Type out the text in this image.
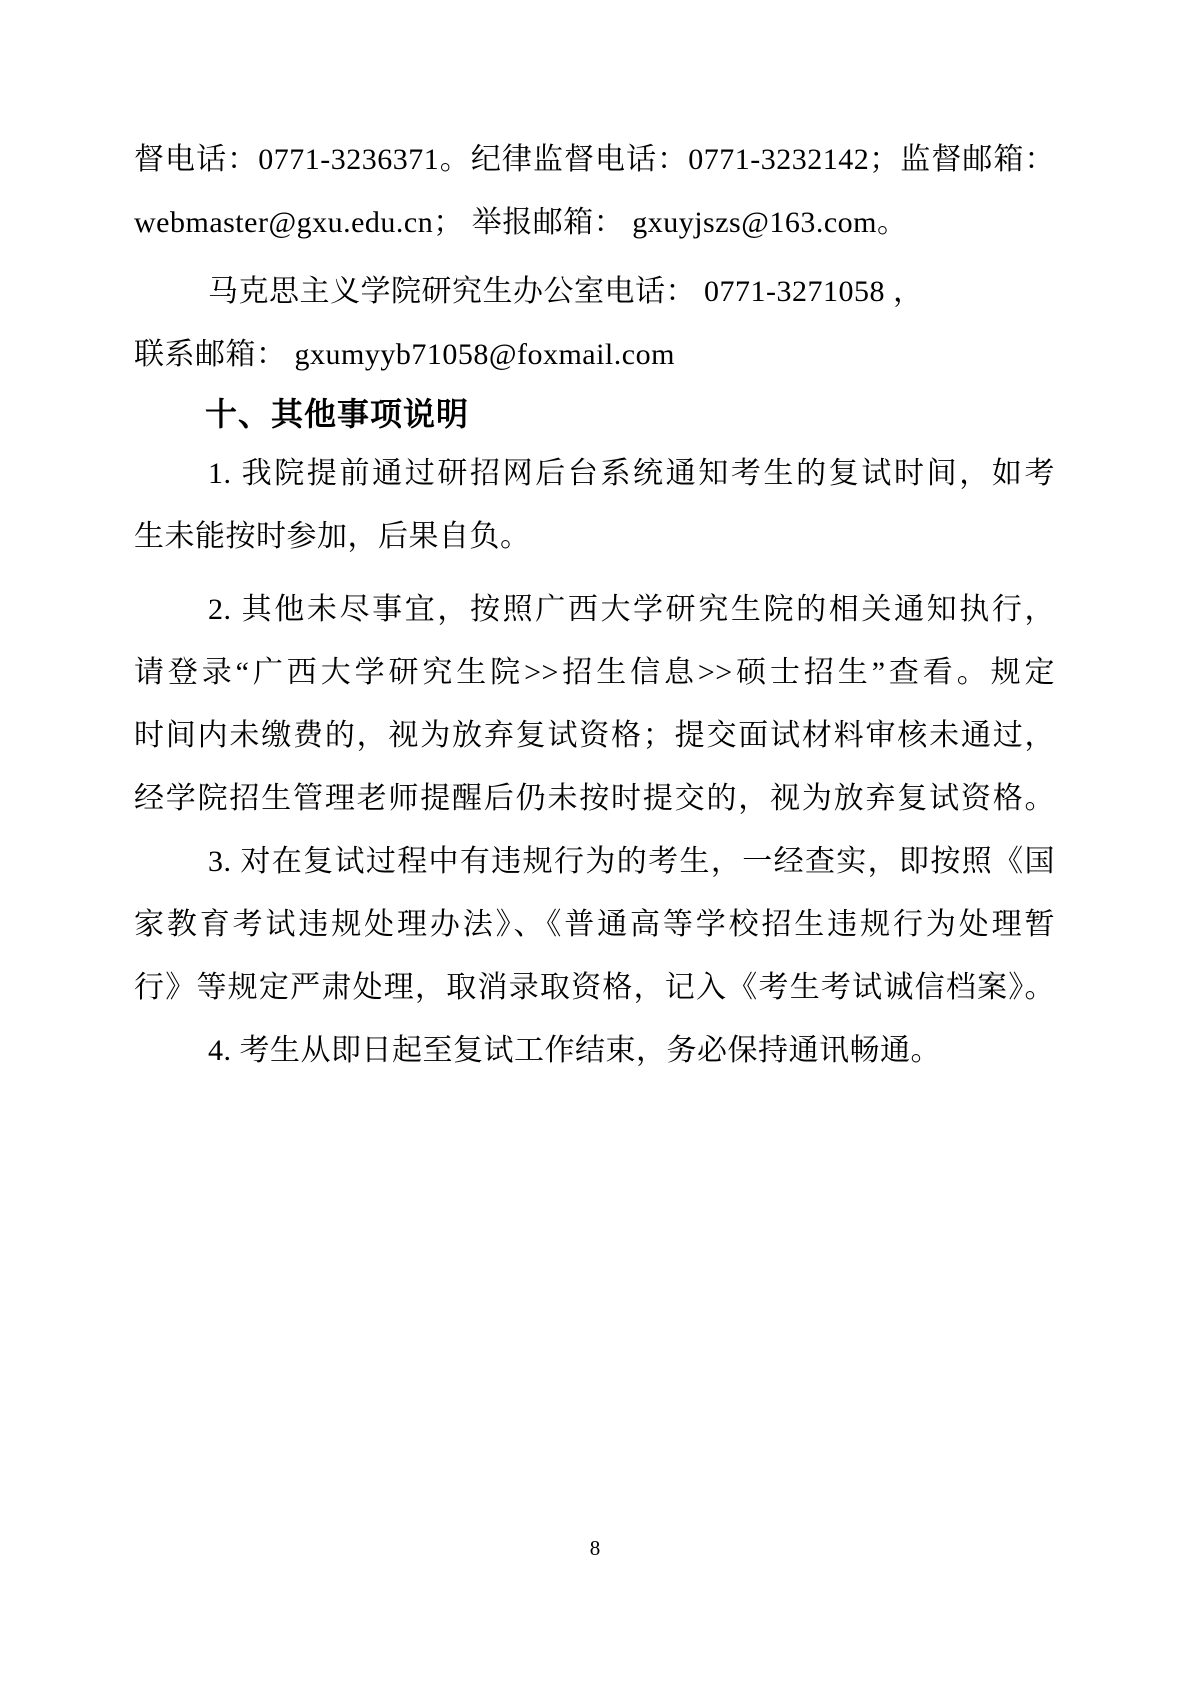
督电话：0771-3236371。纪律监督电话：0771-3232142；监督邮箱：
webmaster@gxu.edu.cn； 举报邮箱： gxuyjszs@163.com。
马克思主义学院研究生办公室电话： 0771-3271058 ，
联系邮箱： gxumyyb71058@foxmail.com
十、其他事项说明
1. 我院提前通过研招网后台系统通知考生的复试时间，如考
生未能按时参加，后果自负。
2. 其他未尽事宜，按照广西大学研究生院的相关通知执行，
请登录“广西大学研究生院>>招生信息>>硕士招生”查看。规定
时间内未缴费的，视为放弃复试资格；提交面试材料审核未通过，
经学院招生管理老师提醒后仍未按时提交的，视为放弃复试资格。
3. 对在复试过程中有违规行为的考生，一经查实，即按照《国
家教育考试违规处理办法》、《普通高等学校招生违规行为处理暂
行》等规定严肃处理，取消录取资格，记入《考生考试诚信档案》。
4. 考生从即日起至复试工作结束，务必保持通讯畅通。
8
